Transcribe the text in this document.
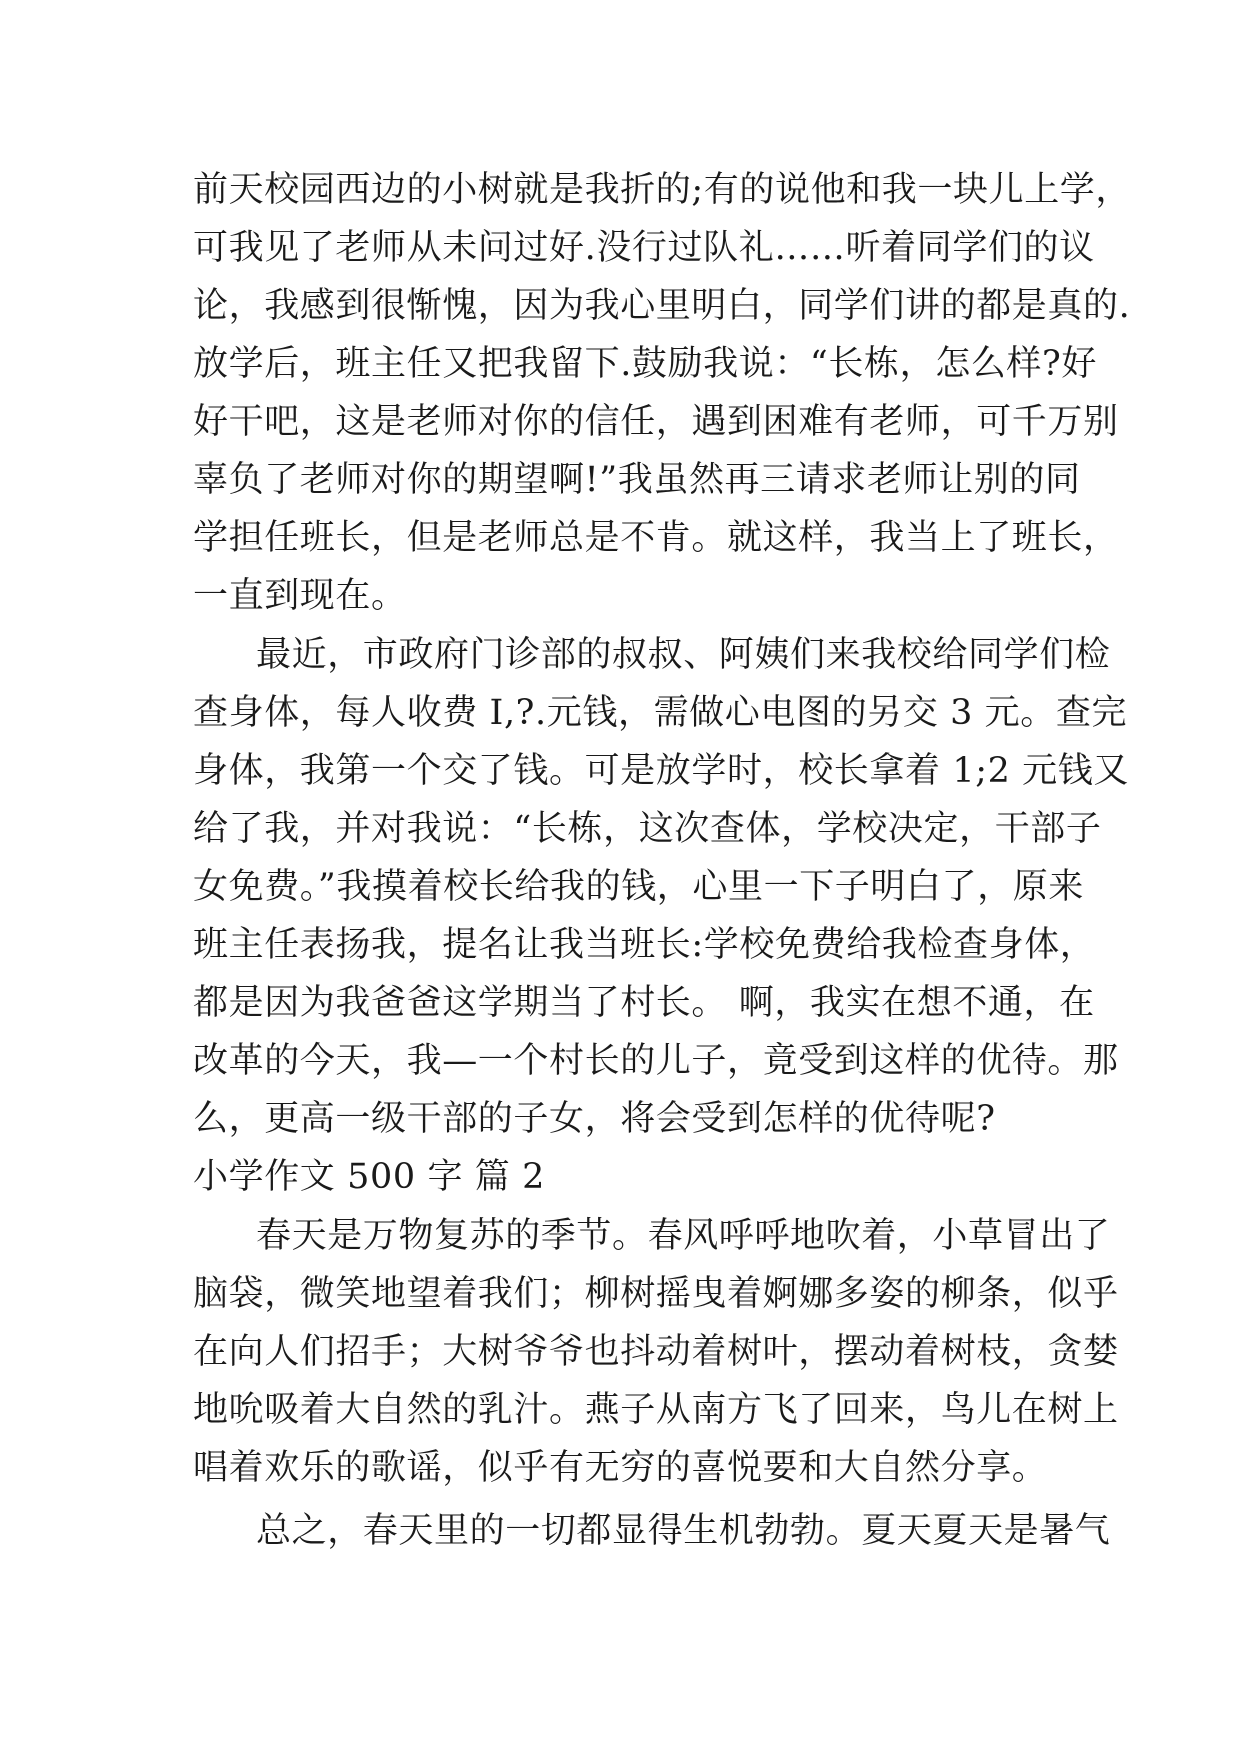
前天校园西边的小树就是我折的;有的说他和我一块儿上学，
可我见了老师从未问过好.没行过队礼……听着同学们的议
论，我感到很惭愧，因为我心里明白，同学们讲的都是真的.
放学后，班主任又把我留下.鼓励我说：“长栋，怎么样?好
好干吧，这是老师对你的信任，遇到困难有老师，可千万别
辜负了老师对你的期望啊!”我虽然再三请求老师让别的同
学担任班长，但是老师总是不肯。就这样，我当上了班长，
一直到现在。
最近，市政府门诊部的叔叔、阿姨们来我校给同学们检
查身体，每人收费 I,?.元钱，需做心电图的另交 3 元。查完
身体，我第一个交了钱。可是放学时，校长拿着 1;2 元钱又
给了我，并对我说：“长栋，这次查体，学校决定，干部子
女免费。”我摸着校长给我的钱，心里一下子明白了，原来
班主任表扬我，提名让我当班长:学校免费给我检查身体，
都是因为我爸爸这学期当了村长。 啊，我实在想不通，在
改革的今天，我—一个村长的儿子，竟受到这样的优待。那
么，更高一级干部的子女，将会受到怎样的优待呢?
小学作文 500 字 篇 2
春天是万物复苏的季节。春风呼呼地吹着，小草冒出了
脑袋，微笑地望着我们；柳树摇曳着婀娜多姿的柳条，似乎
在向人们招手；大树爷爷也抖动着树叶，摆动着树枝，贪婪
地吮吸着大自然的乳汁。燕子从南方飞了回来，鸟儿在树上
唱着欢乐的歌谣，似乎有无穷的喜悦要和大自然分享。
总之，春天里的一切都显得生机勃勃。夏天夏天是暑气
